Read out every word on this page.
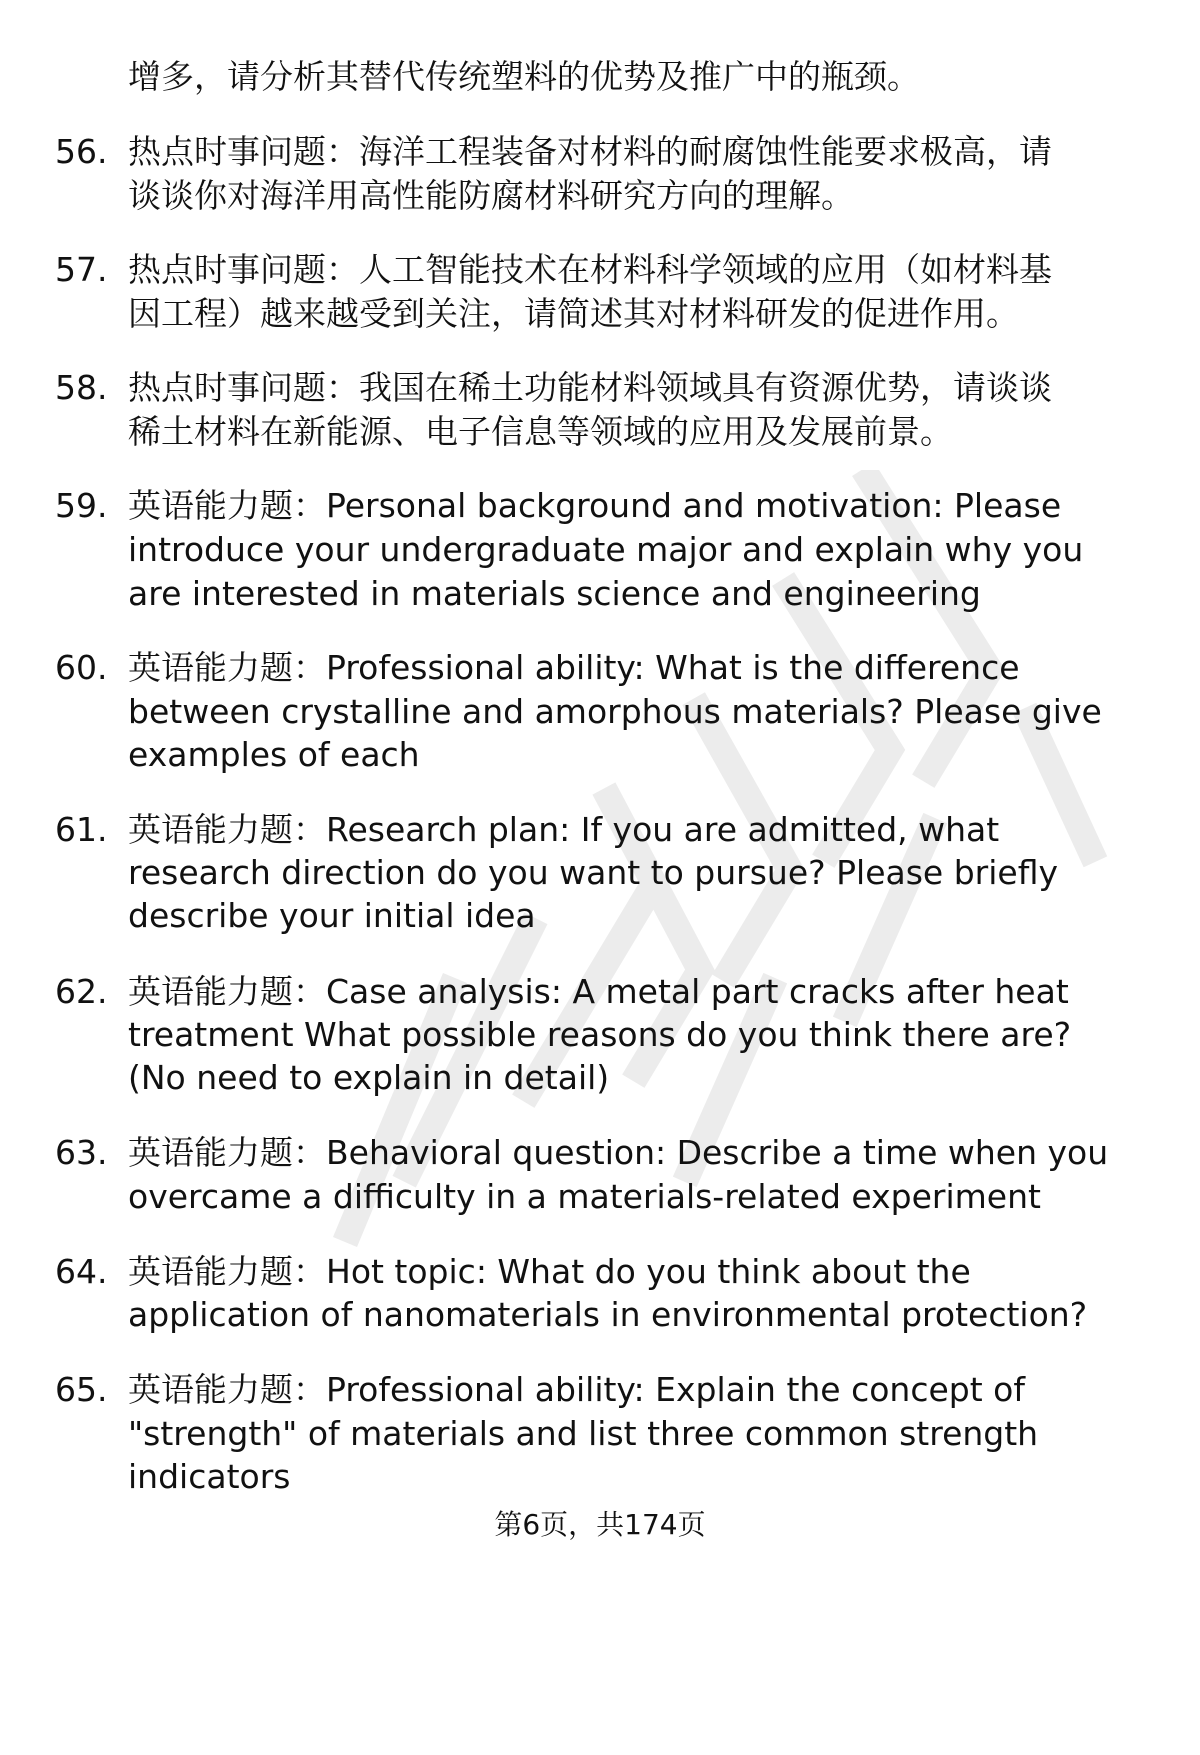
增多，请分析其替代传统塑料的优势及推广中的瓶颈。
56. 热点时事问题：海洋工程装备对材料的耐腐蚀性能要求极高，请
谈谈你对海洋用高性能防腐材料研究方向的理解。
57. 热点时事问题：人工智能技术在材料科学领域的应用（如材料基
因工程）越来越受到关注，请简述其对材料研发的促进作用。
58. 热点时事问题：我国在稀土功能材料领域具有资源优势，请谈谈
稀土材料在新能源、电子信息等领域的应用及发展前景。
59. 英语能力题：Personal background and motivation: Please
introduce your undergraduate major and explain why you
are interested in materials science and engineering
60. 英语能力题：Professional ability: What is the difference
between crystalline and amorphous materials? Please give
examples of each
61. 英语能力题：Research plan: If you are admitted, what
research direction do you want to pursue? Please briefly
describe your initial idea
62. 英语能力题：Case analysis: A metal part cracks after heat
treatment What possible reasons do you think there are?
(No need to explain in detail)
63. 英语能力题：Behavioral question: Describe a time when you
overcame a difficulty in a materials-related experiment
64. 英语能力题：Hot topic: What do you think about the
application of nanomaterials in environmental protection?
65. 英语能力题：Professional ability: Explain the concept of
"strength" of materials and list three common strength
indicators
第6页，共174页
